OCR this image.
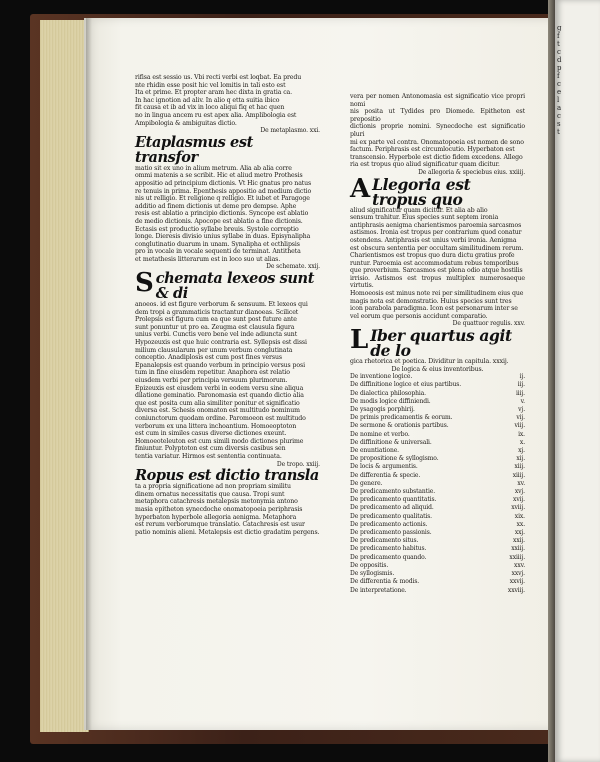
g
f
t
c
d
p
f
c
e
l
a
c
s
t

rifisa est sessio us. Vbi recti verbi est loqbat. Ea predu

nte rhidin esse posit hic vel lomitis in tali esto est

Ita et prime. Et propter aram hec dixta in gratia ca.

In hac ignotion ad aliv. In alio q etta suitia ibico

fit causa et ib ad vix in loco aliqui fiq et hac quen

no in lingua ancem ru est apex alia. Amplibologia est

Ampibologia & ambiguitas dictio.

De metaplasmo. xxi.

Etaplasmus est transfor

matio sit ex uno in alium metrum. Alia ab alia corre

ommi matenis a se scribit. Hic et aliud metro Prothesis

appositio ad principium dictionis. Vt Hic gnatus pro natus

re tenuis in prima. Epenthesis appositio ad medium dictio

nis ut relligio. Et religione q relligio. Et iubet et Paragoge

additio ad finem dictionis ut deme pro dempse. Aphe

resis est ablatio a principio dictionis. Syncope est ablatio

de medio dictionis. Apocope est ablatio a fine dictionis.

Ectasis est productio syllabe breuis. Systole correptio

longe. Dieresis divisio unius syllabe in duas. Episynalipha

conglutinatio duarum in unam. Synalipha et ecthlipsis

pro in vocale in vocale sequenti de terminat. Antitheta

et metathesis litterarum est in loco suo ut alias.

De schemate. xxij.

S chemata lexeos sunt & di

anoeos. id est figure verborum & sensuum. Et lexeos qui

dem tropi a grammaticis tractantur dianoeas. Scilicet

Prolepsis est figura cum ea que sunt post future ante

sunt ponuntur ut pro ea. Zeugma est clausula figura

unius verbi. Cunctis vero bene vel inde adiuncta sunt

Hypozeuxis est que huic contraria est. Syllepsis est dissi

milium clausularum per unum verbum conglutinata

conceptio. Anadiplosis est cum post fines versus

Epanalepsis est quando verbum in principio versus posi

tum in fine eiusdem repetitur. Anaphora est relatio

eiusdem verbi per principia versuum plurimorum.

Epizeuxis est eiusdem verbi in eodem versu sine aliqua

dilatione geminatio. Paronomasia est quando dictio alia

que est posita cum alia similiter ponitur et significatio

diversa est. Schesis onomaton est multitudo nominum

coniunctorum quodam ordine. Paromoeon est multitudo

verborum ex una littera inchoantium. Homoeoptoton

est cum in similes casus diverse dictiones exeunt.

Homoeoteleuton est cum simili modo dictiones plurime

finiuntur. Polyptoton est cum diversis casibus sen

tentia variatur. Hirmos est sententia continuata.

De tropo. xxiij.

Ropus est dictio transla

ta a propria significatione ad non propriam similitu

dinem ornatus necessitatis que causa. Tropi sunt

metaphora catachresis metalepsis metonymia antono

masia epitheton synecdoche onomatopoeia periphrasis

hyperbaton hyperbole allegoria aenigma. Metaphora

est rerum verborumque translatio. Catachresis est usur

patio nominis alieni. Metalepsis est dictio gradatim pergens.

vera per nomen Antonomasia est significatio vice propri nomi

nis posita ut Tydides pro Diomede. Epitheton est prepositio

dictionis proprie nomini. Synecdoche est significatio pluri

mi ex parte vel contra. Onomatopoeia est nomen de sono

factum. Periphrasis est circumlocutio. Hyperbaton est

transcensio. Hyperbole est dictio fidem excedens. Allego

ria est tropus quo aliud significatur quam dicitur.

De allegoria & speciebus eius. xxiiij.

A Llegoria est tropus quo

aliud significatur quam dicitur. Et alia ab alio

sensum trahitur. Eius species sunt septem ironia

antiphrasis aenigma charientismos paroemia sarcasmos

astismos. Ironia est tropus per contrarium quod conatur

ostendens. Antiphrasis est unius verbi ironia. Aenigma

est obscura sententia per occultam similitudinem rerum.

Charientismos est tropus quo dura dictu gratius profe

runtur. Paroemia est accommodatum rebus temporibus

que proverbium. Sarcasmos est plena odio atque hostilis

irrisio. Astismos est tropus multiplex numerosaeque virtutis.

Homoeosis est minus note rei per similitudinem eius que

magis nota est demonstratio. Huius species sunt tres

icon parabola paradigma. Icon est personarum inter se

vel eorum que personis accidunt comparatio.

De quattuor regulis. xxv.

L Iber quartus agit de lo

gica rhetorica et poetica. Dividitur in capitula. xxxij.

De logica & eius inventoribus.

De inventione logice.	ij.
De diffinitione logice et eius partibus.	iij.
De dialectica philosophia.	iiij.
De modis logice diffiniendi.	v.
De ysagogis porphirij.	vj.
De primis predicamentis & eorum.	vij.
De sermone & orationis partibus.	viij.
De nomine et verbo.	ix.
De diffinitione & universali.	x.
De enuntiatione.	xj.
De propositione & syllogismo.	xij.
De locis & argumentis.	xiij.
De differentia & specie.	xiiij.
De genere.	xv.
De predicamento substantie.	xvj.
De predicamento quantitatis.	xvij.
De predicamento ad aliquid.	xviij.
De predicamento qualitatis.	xix.
De predicamento actionis.	xx.
De predicamento passionis.	xxj.
De predicamento situs.	xxij.
De predicamento habitus.	xxiij.
De predicamento quando.	xxiiij.
De oppositis.	xxv.
De syllogismis.	xxvj.
De differentia & modis.	xxvij.
De interpretatione.	xxviij.
